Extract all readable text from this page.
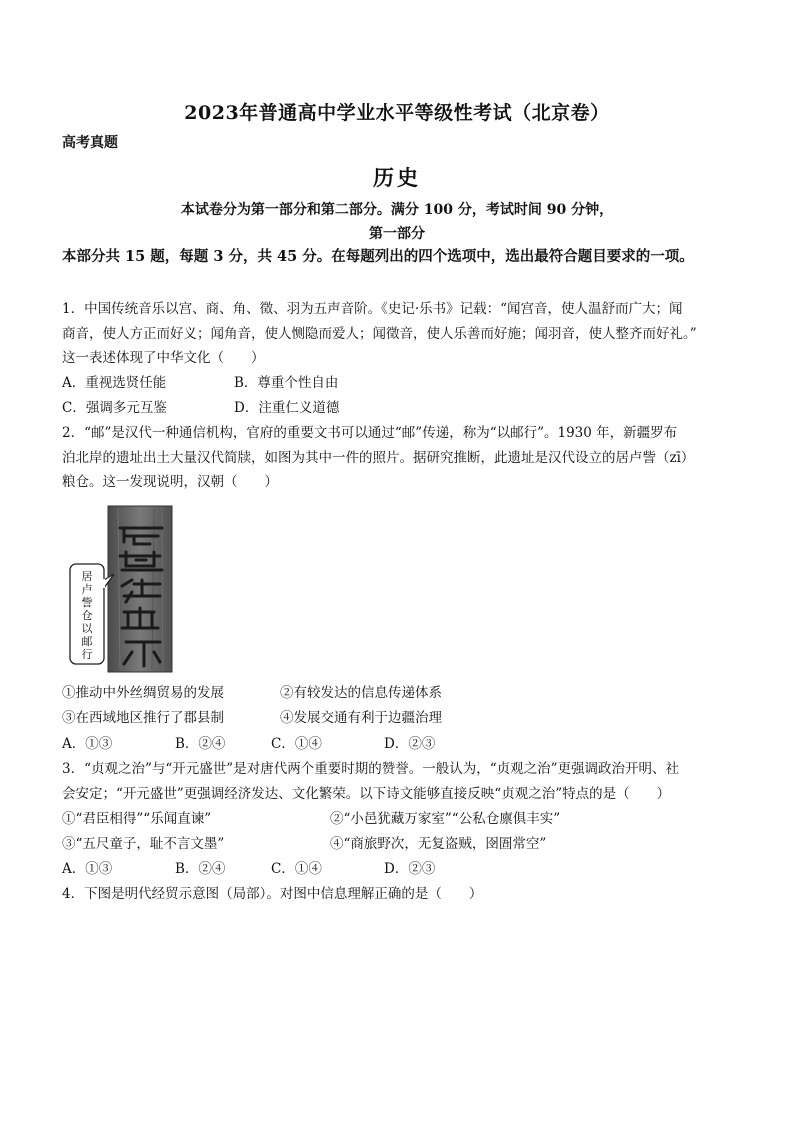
2023年普通高中学业水平等级性考试（北京卷）
高考真题
历史
本试卷分为第一部分和第二部分。满分 100 分，考试时间 90 分钟，
第一部分
本部分共 15 题，每题 3 分，共 45 分。在每题列出的四个选项中，选出最符合题目要求的一项。
1．中国传统音乐以宫、商、角、徵、羽为五声音阶。《史记·乐书》记载：“闻宫音，使人温舒而广大；闻
商音，使人方正而好义；闻角音，使人恻隐而爱人；闻徵音，使人乐善而好施；闻羽音，使人整齐而好礼。”
这一表述体现了中华文化（　　）
A．重视选贤任能	B．尊重个性自由
C．强调多元互鉴	D．注重仁义道德
2．“邮”是汉代一种通信机构，官府的重要文书可以通过“邮”传递，称为“以邮行”。1930 年，新疆罗布
泊北岸的遗址出土大量汉代简牍，如图为其中一件的照片。据研究推断，此遗址是汉代设立的居卢訾（zī）
粮仓。这一发现说明，汉朝（　　）
居
卢
訾
仓
以
邮
行
①推动中外丝绸贸易的发展	②有较发达的信息传递体系
③在西域地区推行了郡县制	④发展交通有利于边疆治理
A．①③	B．②④	C．①④	D．②③
3．“贞观之治”与“开元盛世”是对唐代两个重要时期的赞誉。一般认为，“贞观之治”更强调政治开明、社
会安定；“开元盛世”更强调经济发达、文化繁荣。以下诗文能够直接反映“贞观之治”特点的是（　　）
①“君臣相得”“乐闻直谏”	②“小邑犹藏万家室”“公私仓廪俱丰实”
③“五尺童子，耻不言文墨”	④“商旅野次，无复盗贼，囹圄常空”
A．①③	B．②④	C．①④	D．②③
4．下图是明代经贸示意图（局部）。对图中信息理解正确的是（　　）
